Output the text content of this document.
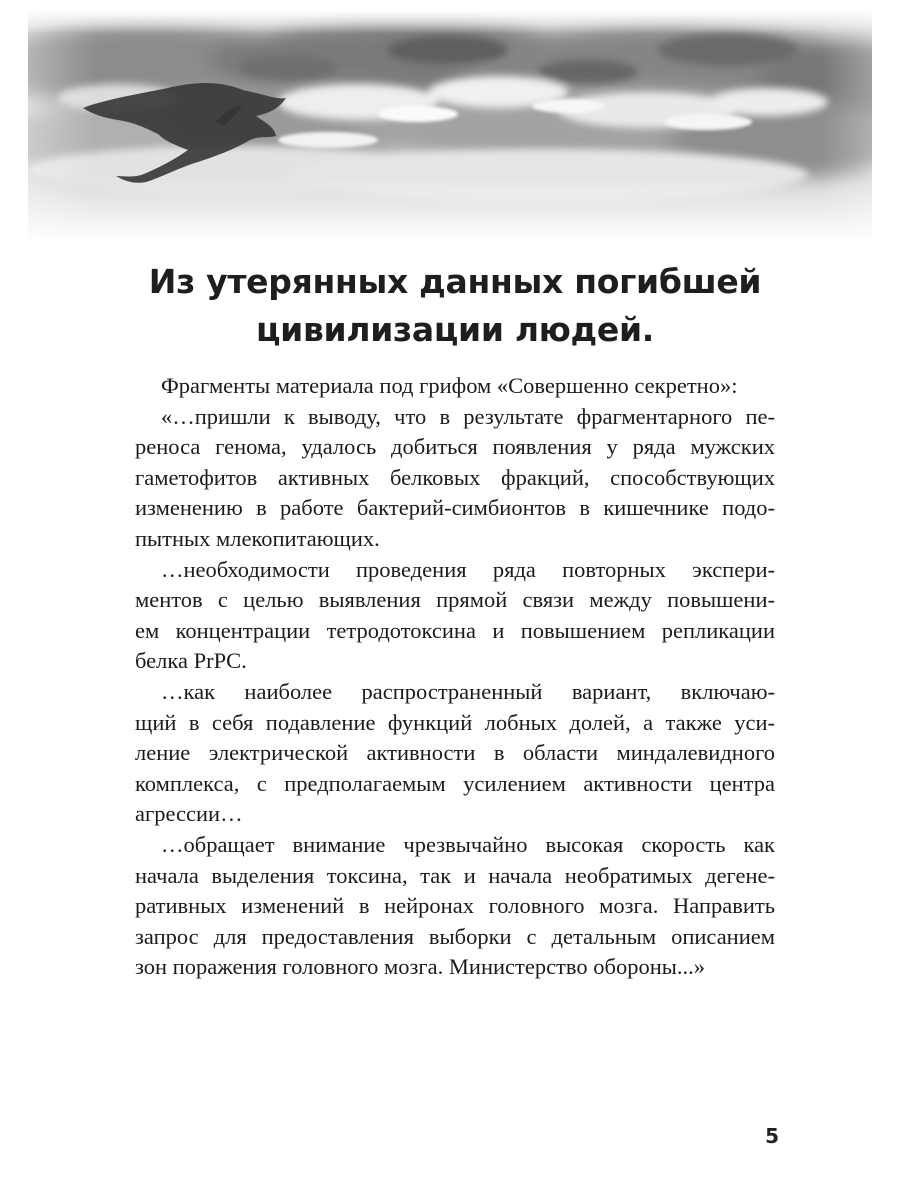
Из утерянных данных погибшей
цивилизации людей.
Фрагменты материала под грифом «Совершенно секретно»:
«…пришли к выводу, что в результате фрагментарного пе-
реноса генома, удалось добиться появления у ряда мужских
гаметофитов активных белковых фракций, способствующих
изменению в работе бактерий-симбионтов в кишечнике подо-
пытных млекопитающих.
…необходимости проведения ряда повторных экспери-
ментов с целью выявления прямой связи между повышени-
ем концентрации тетродотоксина и повышением репликации
белка PrPC.
…как наиболее распространенный вариант, включаю-
щий в себя подавление функций лобных долей, а также уси-
ление электрической активности в области миндалевидного
комплекса, с предполагаемым усилением активности центра
агрессии…
…обращает внимание чрезвычайно высокая скорость как
начала выделения токсина, так и начала необратимых дегене-
ративных изменений в нейронах головного мозга. Направить
запрос для предоставления выборки с детальным описанием
зон поражения головного мозга. Министерство обороны...»
5
